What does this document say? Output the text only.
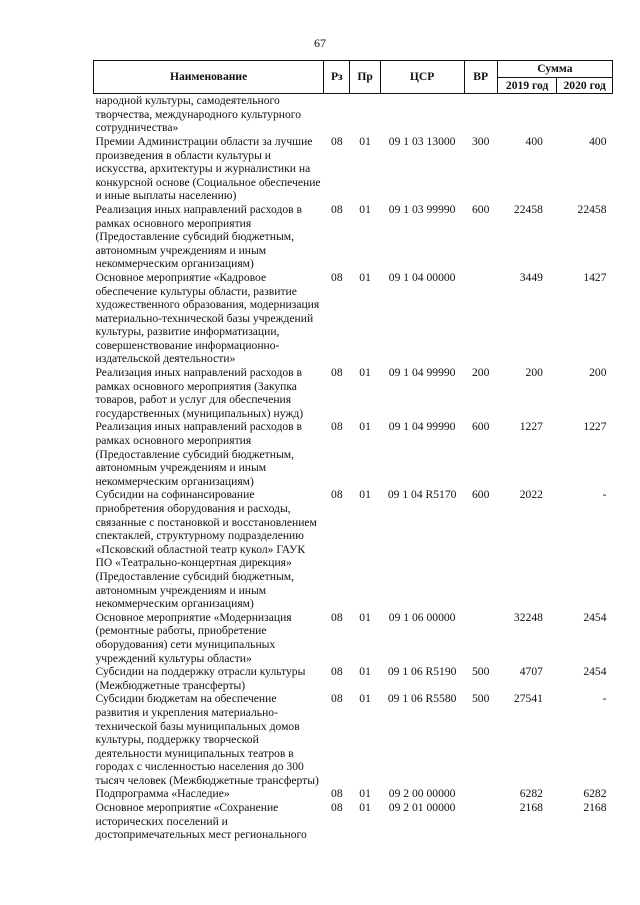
67
Наименование	Рз	Пр	ЦСР	ВР	Сумма	
					2019 год	2020 год
народной культуры, самодеятельного творчества, международного культурного сотрудничества»						
Премии Администрации области за лучшие произведения в области культуры и искусства, архитектуры и журналистики на конкурсной основе (Социальное обеспечение и иные выплаты населению)	08	01	09 1 03 13000	300	400	400
Реализация иных направлений расходов в рамках основного мероприятия (Предоставление субсидий бюджетным, автономным учреждениям и иным некоммерческим организациям)	08	01	09 1 03 99990	600	22458	22458
Основное мероприятие «Кадровое обеспечение культуры области, развитие художественного образования, модернизация материально-технической базы учреждений культуры, развитие информатизации, совершенствование информационно-издательской деятельности»	08	01	09 1 04 00000		3449	1427
Реализация иных направлений расходов в рамках основного мероприятия (Закупка товаров, работ и услуг для обеспечения государственных (муниципальных) нужд)	08	01	09 1 04 99990	200	200	200
Реализация иных направлений расходов в рамках основного мероприятия (Предоставление субсидий бюджетным, автономным учреждениям и иным некоммерческим организациям)	08	01	09 1 04 99990	600	1227	1227
Субсидии на софинансирование приобретения оборудования и расходы, связанные с постановкой и восстановлением спектаклей, структурному подразделению «Псковский областной театр кукол» ГАУК ПО «Театрально-концертная дирекция» (Предоставление субсидий бюджетным, автономным учреждениям и иным некоммерческим организациям)	08	01	09 1 04 R5170	600	2022	-
Основное мероприятие «Модернизация (ремонтные работы, приобретение оборудования) сети муниципальных учреждений культуры области»	08	01	09 1 06 00000		32248	2454
Субсидии на поддержку отрасли культуры (Межбюджетные трансферты)	08	01	09 1 06 R5190	500	4707	2454
Субсидии бюджетам на обеспечение развития и укрепления материально-технической базы муниципальных домов культуры, поддержку творческой деятельности муниципальных театров в городах с численностью населения до 300 тысяч человек (Межбюджетные трансферты)	08	01	09 1 06 R5580	500	27541	-
Подпрограмма «Наследие»	08	01	09 2 00 00000		6282	6282
Основное мероприятие «Сохранение исторических поселений и достопримечательных мест регионального	08	01	09 2 01 00000		2168	2168
